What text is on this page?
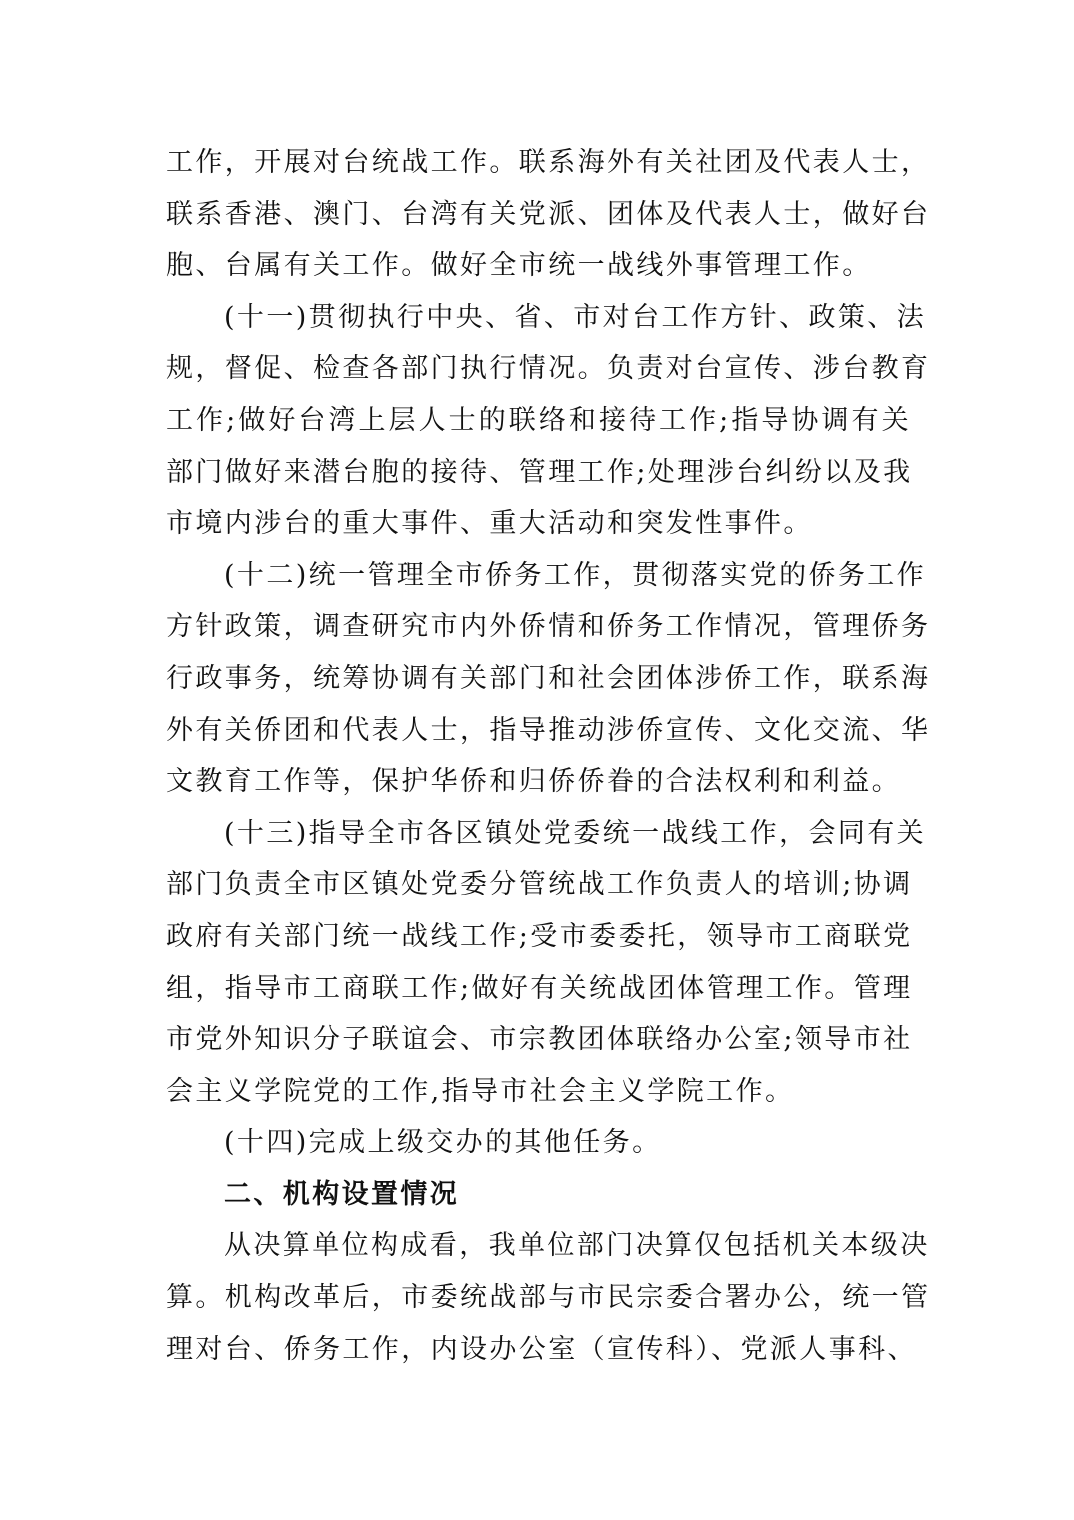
工作，开展对台统战工作。联系海外有关社团及代表人士，
联系香港、澳门、台湾有关党派、团体及代表人士，做好台
胞、台属有关工作。做好全市统一战线外事管理工作。
(十一)贯彻执行中央、省、市对台工作方针、政策、法
规，督促、检查各部门执行情况。负责对台宣传、涉台教育
工作;做好台湾上层人士的联络和接待工作;指导协调有关
部门做好来潜台胞的接待、管理工作;处理涉台纠纷以及我
市境内涉台的重大事件、重大活动和突发性事件。
(十二)统一管理全市侨务工作，贯彻落实党的侨务工作
方针政策，调查研究市内外侨情和侨务工作情况，管理侨务
行政事务，统筹协调有关部门和社会团体涉侨工作，联系海
外有关侨团和代表人士，指导推动涉侨宣传、文化交流、华
文教育工作等，保护华侨和归侨侨眷的合法权利和利益。
(十三)指导全市各区镇处党委统一战线工作，会同有关
部门负责全市区镇处党委分管统战工作负责人的培训;协调
政府有关部门统一战线工作;受市委委托，领导市工商联党
组，指导市工商联工作;做好有关统战团体管理工作。管理
市党外知识分子联谊会、市宗教团体联络办公室;领导市社
会主义学院党的工作,指导市社会主义学院工作。
(十四)完成上级交办的其他任务。
二、机构设置情况
从决算单位构成看，我单位部门决算仅包括机关本级决
算。机构改革后，市委统战部与市民宗委合署办公，统一管
理对台、侨务工作，内设办公室（宣传科）、党派人事科、
